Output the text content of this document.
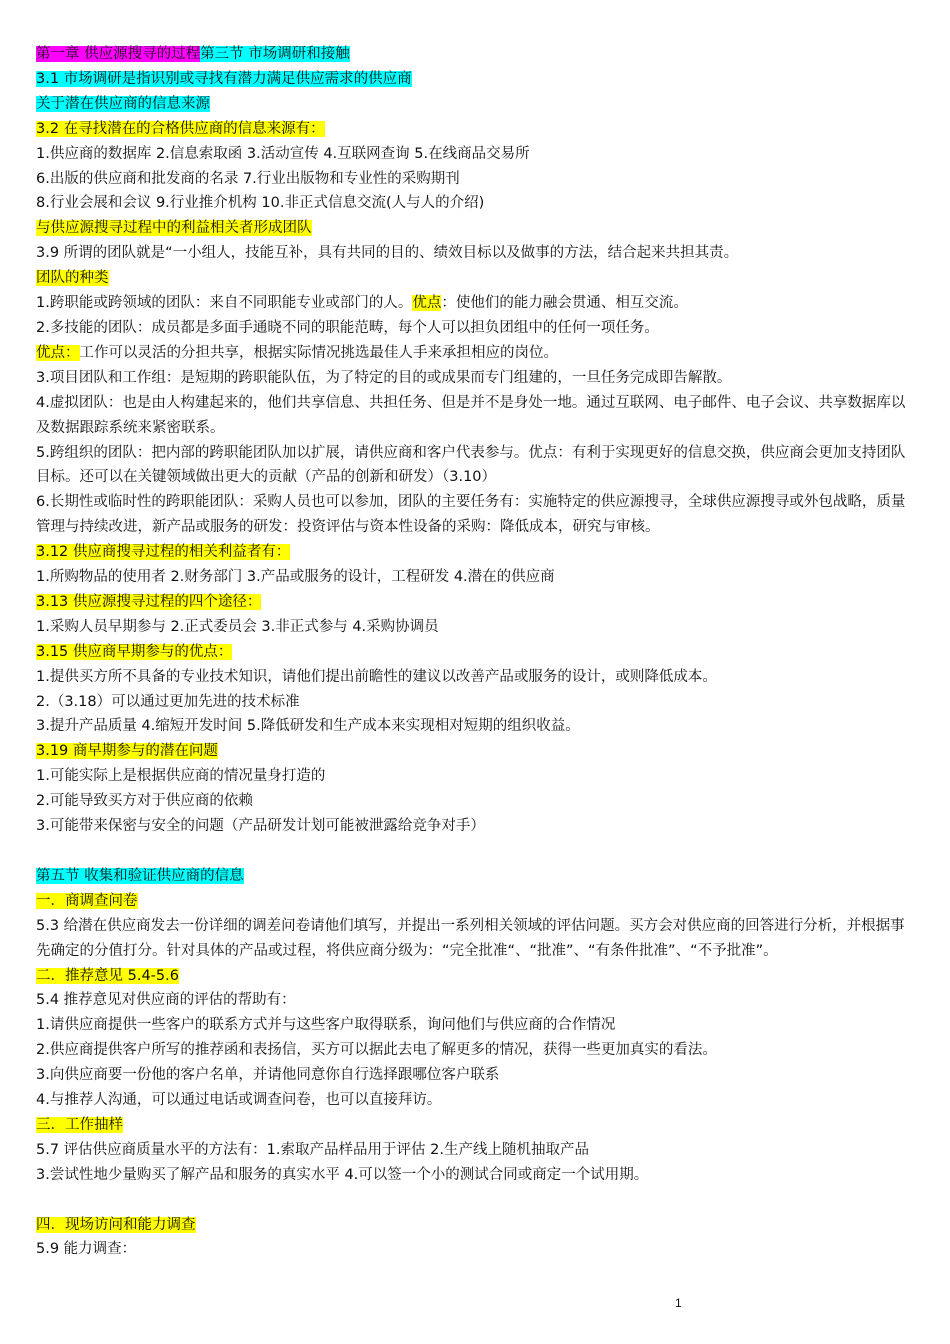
第一章 供应源搜寻的过程第三节 市场调研和接触
3.1 市场调研是指识别或寻找有潜力满足供应需求的供应商
关于潜在供应商的信息来源
3.2 在寻找潜在的合格供应商的信息来源有：
1.供应商的数据库 2.信息索取函 3.活动宣传 4.互联网查询 5.在线商品交易所
6.出版的供应商和批发商的名录 7.行业出版物和专业性的采购期刊
8.行业会展和会议 9.行业推介机构 10.非正式信息交流(人与人的介绍)
与供应源搜寻过程中的利益相关者形成团队
3.9 所谓的团队就是“一小组人，技能互补，具有共同的目的、绩效目标以及做事的方法，结合起来共担其责。
团队的种类
1.跨职能或跨领域的团队：来自不同职能专业或部门的人。优点：使他们的能力融会贯通、相互交流。
2.多技能的团队：成员都是多面手通晓不同的职能范畴，每个人可以担负团组中的任何一项任务。
优点：工作可以灵活的分担共享，根据实际情况挑选最佳人手来承担相应的岗位。
3.项目团队和工作组：是短期的跨职能队伍，为了特定的目的或成果而专门组建的，一旦任务完成即告解散。
4.虚拟团队：也是由人构建起来的，他们共享信息、共担任务、但是并不是身处一地。通过互联网、电子邮件、电子会议、共享数据库以及数据跟踪系统来紧密联系。
5.跨组织的团队：把内部的跨职能团队加以扩展，请供应商和客户代表参与。优点：有利于实现更好的信息交换，供应商会更加支持团队目标。还可以在关键领域做出更大的贡献（产品的创新和研发）（3.10）
6.长期性或临时性的跨职能团队：采购人员也可以参加，团队的主要任务有：实施特定的供应源搜寻，全球供应源搜寻或外包战略，质量管理与持续改进，新产品或服务的研发：投资评估与资本性设备的采购：降低成本，研究与审核。
3.12 供应商搜寻过程的相关利益者有：
1.所购物品的使用者 2.财务部门 3.产品或服务的设计，工程研发 4.潜在的供应商
3.13 供应源搜寻过程的四个途径：
1.采购人员早期参与 2.正式委员会 3.非正式参与 4.采购协调员
3.15 供应商早期参与的优点：
1.提供买方所不具备的专业技术知识，请他们提出前瞻性的建议以改善产品或服务的设计，或则降低成本。
2.（3.18）可以通过更加先进的技术标准
3.提升产品质量 4.缩短开发时间 5.降低研发和生产成本来实现相对短期的组织收益。
3.19 商早期参与的潜在问题
1.可能实际上是根据供应商的情况量身打造的
2.可能导致买方对于供应商的依赖
3.可能带来保密与安全的问题（产品研发计划可能被泄露给竞争对手）
第五节 收集和验证供应商的信息
一．商调查问卷
5.3 给潜在供应商发去一份详细的调差问卷请他们填写，并提出一系列相关领域的评估问题。买方会对供应商的回答进行分析，并根据事先确定的分值打分。针对具体的产品或过程，将供应商分级为：“完全批准“、“批准”、“有条件批准”、“不予批准”。
二．推荐意见 5.4-5.6
5.4 推荐意见对供应商的评估的帮助有：
1.请供应商提供一些客户的联系方式并与这些客户取得联系，询问他们与供应商的合作情况
2.供应商提供客户所写的推荐函和表扬信，买方可以据此去电了解更多的情况，获得一些更加真实的看法。
3.向供应商要一份他的客户名单，并请他同意你自行选择跟哪位客户联系
4.与推荐人沟通，可以通过电话或调查问卷，也可以直接拜访。
三．工作抽样
5.7 评估供应商质量水平的方法有：1.索取产品样品用于评估 2.生产线上随机抽取产品
3.尝试性地少量购买了解产品和服务的真实水平 4.可以签一个小的测试合同或商定一个试用期。
四．现场访问和能力调查
5.9 能力调查：
1
